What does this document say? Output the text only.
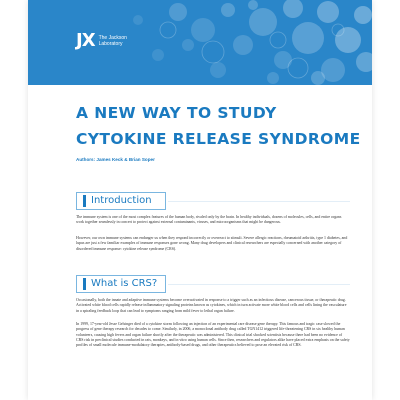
JX The Jackson
Laboratory
A NEW WAY TO STUDY
CYTOKINE RELEASE SYNDROME
Authors: James Keck & Brian Soper
Introduction

The immune system is one of the most complex features of the human body, rivaled only by the brain. In healthy individuals, dozens of molecules, cells, and entire organs work together seamlessly in concert to protect against external contaminants, viruses, and microorganisms that might be dangerous.

However, our own immune systems can endanger us when they respond incorrectly or overreact to stimuli. Severe allergic reactions, rheumatoid arthritis, type 1 diabetes, and lupus are just a few familiar examples of immune responses gone wrong. Many drug developers and clinical researchers are especially concerned with another category of disordered immune response: cytokine release syndrome (CRS).

What is CRS?

Occasionally, both the innate and adaptive immune systems become overactivated in response to a trigger such as an infectious disease, cancerous tissue, or therapeutic drug. Activated white blood cells rapidly release inflammatory signaling proteins known as cytokines, which in turn activate more white blood cells and cells lining the vasculature in a spiraling feedback loop that can lead to symptoms ranging from mild fever to lethal organ failure.

In 1999, 17-year-old Jesse Gelsinger died of a cytokine storm following an injection of an experimental rare disease gene therapy. This famous and tragic case slowed the progress of gene therapy research for decades to come. Similarly, in 2006, a monoclonal antibody drug called TGN1412 triggered life-threatening CRS in six healthy human volunteers, causing high fevers and organ failure shortly after the therapeutic was administered. This clinical trial shocked scientists because there had been no evidence of CRS risk in preclinical studies conducted in rats, monkeys, and in vitro using human cells. Since then, researchers and regulators alike have placed extra emphasis on the safety profiles of small molecule immune-modulatory therapies, antibody-based drugs, and other therapeutics believed to pose an elevated risk of CRS.
